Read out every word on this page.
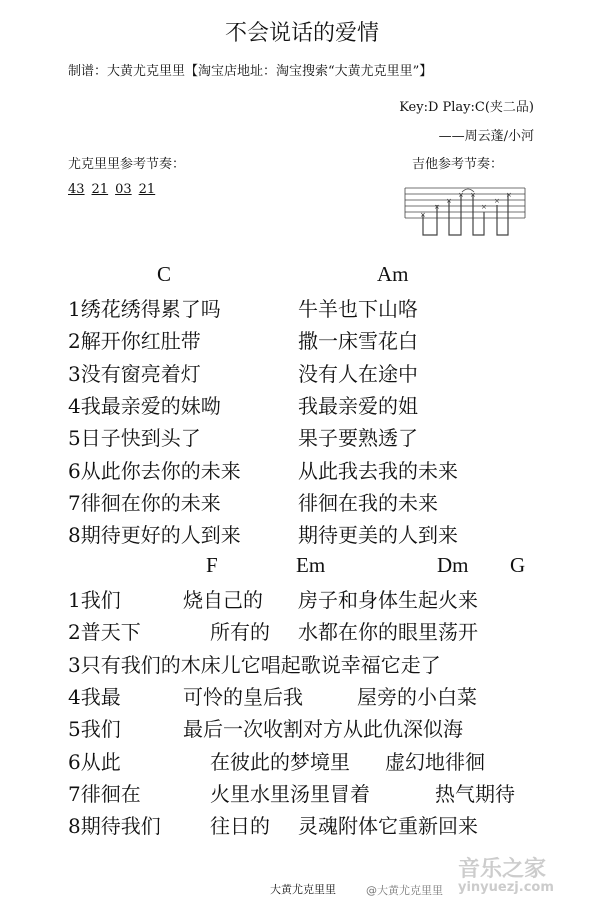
不会说话的爱情
制谱：大黄尤克里里【淘宝店地址：淘宝搜索“大黄尤克里里”】
Key:D Play:C(夹二品)
——周云蓬/小河
尤克里里参考节奏：
43 21 03 21
吉他参考节奏：
×
×
×
× ×
×
×
×
C	Am
F	Em	Dm G
大黄尤克里里
音乐之家
yinyuezj.com
@大黄尤克里里
1绣花绣得累了吗	牛羊也下山咯
2解开你红肚带	撒一床雪花白
3没有窗亮着灯	没有人在途中
4我最亲爱的妹呦	我最亲爱的姐
5日子快到头了	果子要熟透了
6从此你去你的未来	从此我去我的未来
7徘徊在你的未来	徘徊在我的未来
8期待更好的人到来	期待更美的人到来
1我们	烧自己的 房子和身体生起火来
2普天下	所有的 水都在你的眼里荡开
3只有我们的木床儿它唱起歌说幸福它走了
4我最	可怜的皇后我	屋旁的小白菜
5我们	最后一次收割对方从此仇深似海
6从此	在彼此的梦境里 虚幻地徘徊
7徘徊在	火里水里汤里冒着	热气期待
8期待我们 往日的 灵魂附体它重新回来
